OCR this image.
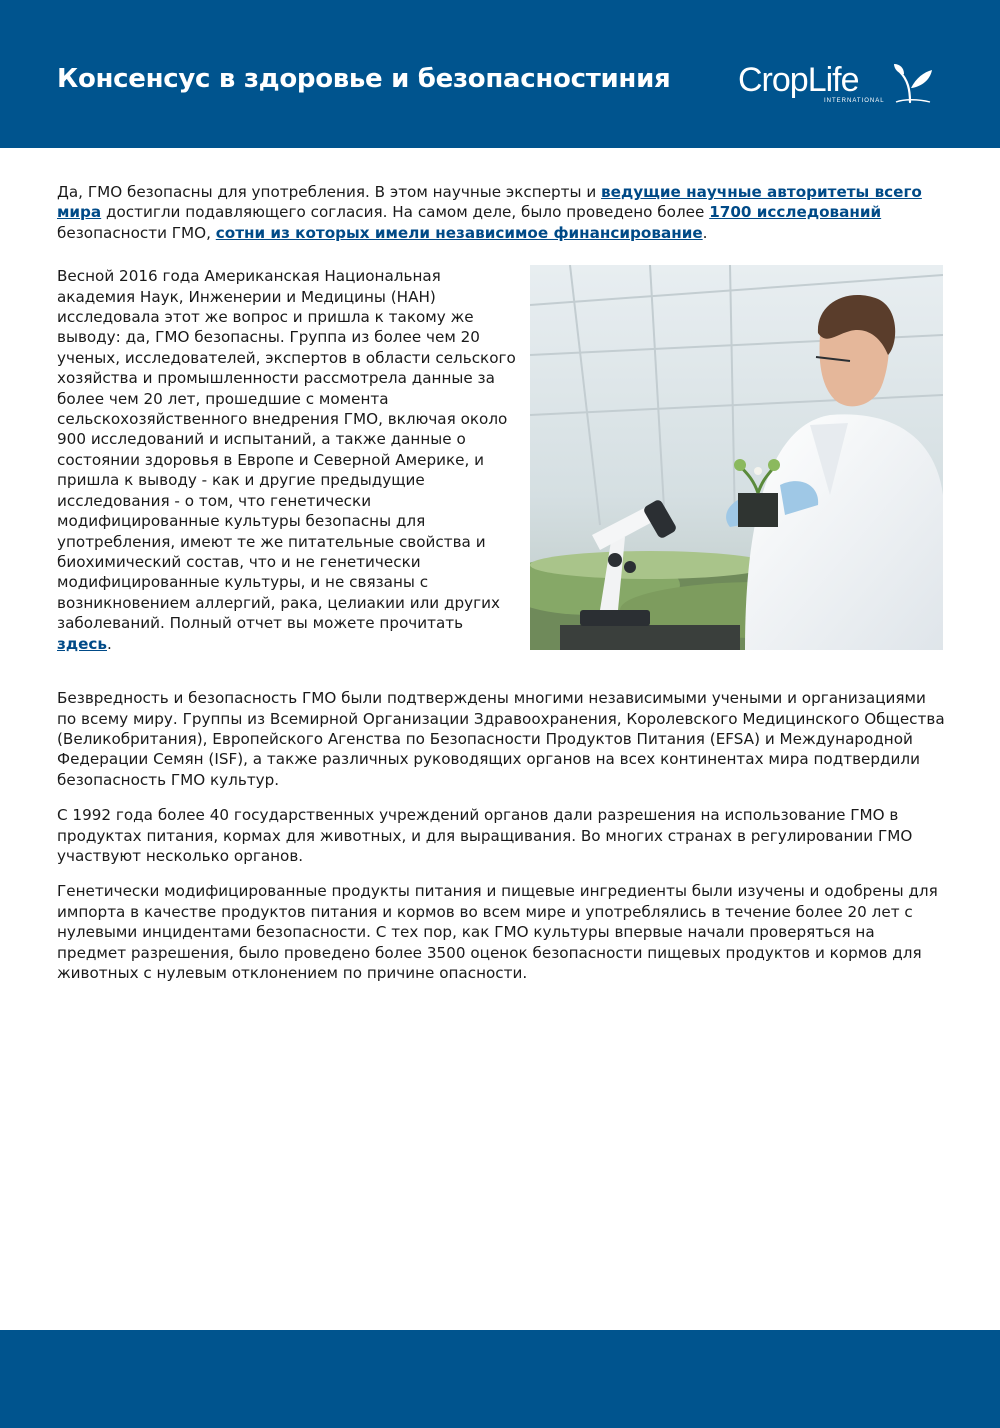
Консенсус в здоровье и безопасностиния CropLife
INTERNATIONAL

Да, ГМО безопасны для употребления. В этом научные эксперты и ведущие научные авторитеты всего мира достигли подавляющего согласия. На самом деле, было проведено более 1700 исследований безопасности ГМО, сотни из которых имели независимое финансирование.

Весной 2016 года Американская Национальная академия Наук, Инженерии и Медицины (НАН) исследовала этот же вопрос и пришла к такому же выводу: да, ГМО безопасны. Группа из более чем 20 ученых, исследователей, экспертов в области сельского хозяйства и промышленности рассмотрела данные за более чем 20 лет, прошедшие с момента сельскохозяйственного внедрения ГМО, включая около 900 исследований и испытаний, а также данные о состоянии здоровья в Европе и Северной Америке, и пришла к выводу - как и другие предыдущие исследования - о том, что генетически модифицированные культуры безопасны для употребления, имеют те же питательные свойства и биохимический состав, что и не генетически модифицированные культуры, и не связаны с возникновением аллергий, рака, целиакии или других заболеваний. Полный отчет вы можете прочитать здесь.

Безвредность и безопасность ГМО были подтверждены многими независимыми учеными и организациями по всему миру. Группы из Всемирной Организации Здравоохранения, Королевского Медицинского Общества (Великобритания), Европейского Агенства по Безопасности Продуктов Питания (EFSA) и Международной Федерации Семян (ISF), а также различных руководящих органов на всех континентах мира подтвердили безопасность ГМО культур.

С 1992 года более 40 государственных учреждений органов дали разрешения на использование ГМО в продуктах питания, кормах для животных, и для выращивания. Во многих странах в регулировании ГМО участвуют несколько органов.

Генетически модифицированные продукты питания и пищевые ингредиенты были изучены и одобрены для импорта в качестве продуктов питания и кормов во всем мире и употреблялись в течение более 20 лет с нулевыми инцидентами безопасности. С тех пор, как ГМО культуры впервые начали проверяться на предмет разрешения, было проведено более 3500 оценок безопасности пищевых продуктов и кормов для животных с нулевым отклонением по причине опасности.
